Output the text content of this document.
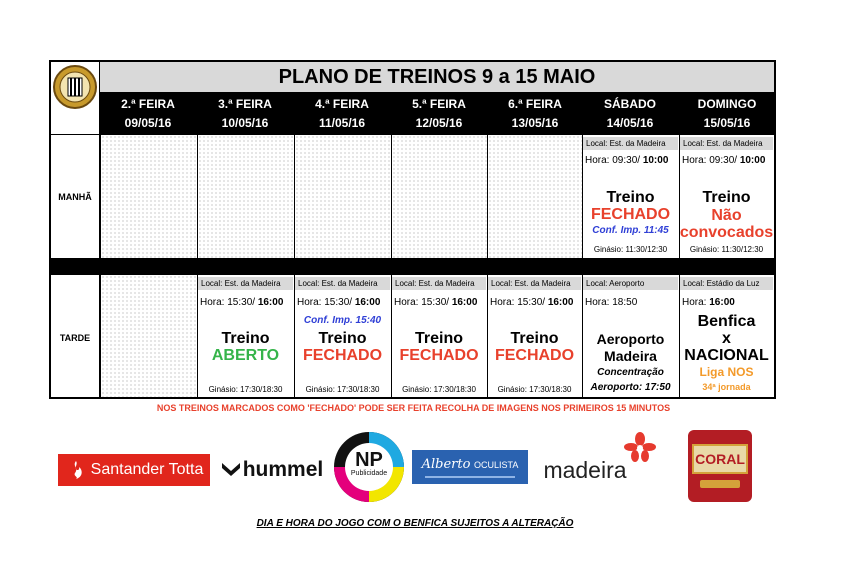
PLANO DE TREINOS 9 a 15 MAIO
2.ª FEIRA
09/05/16
3.ª FEIRA
10/05/16
4.ª FEIRA
11/05/16
5.ª FEIRA
12/05/16
6.ª FEIRA
13/05/16
SÁBADO
14/05/16
DOMINGO
15/05/16
MANHÃ
TARDE
Local: Est. da Madeira
Hora: 09:30/ 10:00
Treino
FECHADO
Conf. Imp. 11:45
Ginásio: 11:30/12:30
Local: Est. da Madeira
Hora: 09:30/ 10:00
Treino
Não
convocados
Ginásio: 11:30/12:30
Local: Est. da Madeira
Hora: 15:30/ 16:00
Treino
ABERTO
Ginásio: 17:30/18:30
Local: Est. da Madeira
Hora: 15:30/ 16:00
Conf. Imp. 15:40
Treino
FECHADO
Ginásio: 17:30/18:30
Local: Est. da Madeira
Hora: 15:30/ 16:00
Treino
FECHADO
Ginásio: 17:30/18:30
Local: Est. da Madeira
Hora: 15:30/ 16:00
Treino
FECHADO
Ginásio: 17:30/18:30
Local: Aeroporto
Hora: 18:50
Aeroporto
Madeira
Concentração
Aeroporto: 17:50
Local: Estádio da Luz
Hora: 16:00
Benfica
x
NACIONAL
Liga NOS
34ª jornada
NOS TREINOS MARCADOS COMO 'FECHADO' PODE SER FEITA RECOLHA DE IMAGENS NOS PRIMEIROS 15 MINUTOS
Santander Totta hummel NP
Publicidade
Alberto OCULISTA madeira	CORAL
DIA E HORA DO JOGO COM O BENFICA SUJEITOS A ALTERAÇÃO
